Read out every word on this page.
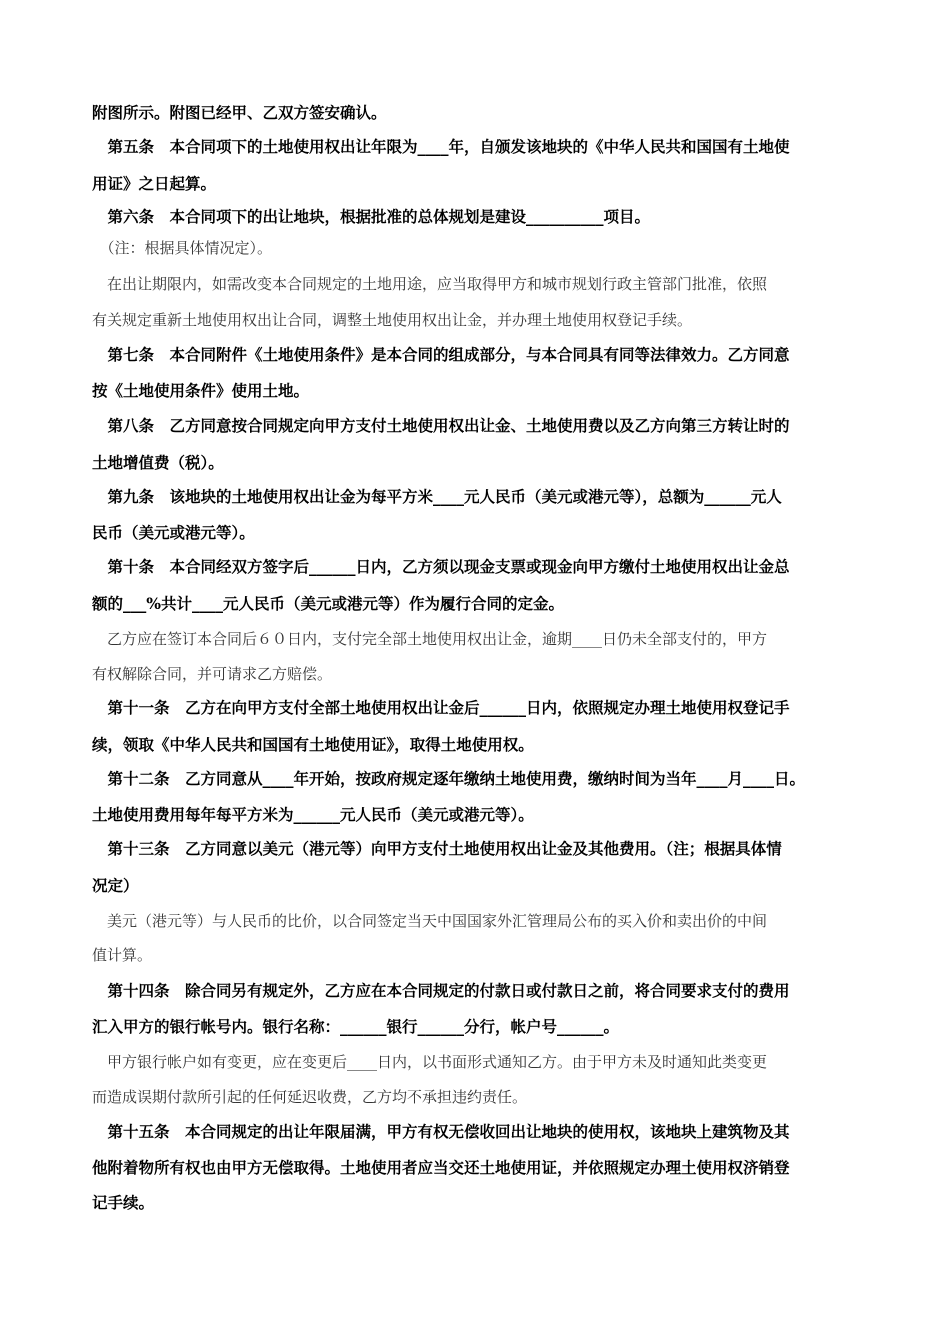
附图所示。附图已经甲、乙双方签安确认。
　第五条　本合同项下的土地使用权出让年限为____年，自颁发该地块的《中华人民共和国国有土地使
用证》之日起算。
　第六条　本合同项下的出让地块，根据批准的总体规划是建设__________项目。
　（注：根据具体情况定）。
　在出让期限内，如需改变本合同规定的土地用途，应当取得甲方和城市规划行政主管部门批准，依照
有关规定重新土地使用权出让合同，调整土地使用权出让金，并办理土地使用权登记手续。
　第七条　本合同附件《土地使用条件》是本合同的组成部分，与本合同具有同等法律效力。乙方同意
按《土地使用条件》使用土地。
　第八条　乙方同意按合同规定向甲方支付土地使用权出让金、土地使用费以及乙方向第三方转让时的
土地增值费（税）。
　第九条　该地块的土地使用权出让金为每平方米____元人民币（美元或港元等），总额为______元人
民币（美元或港元等）。
　第十条　本合同经双方签字后______日内，乙方须以现金支票或现金向甲方缴付土地使用权出让金总
额的___%共计____元人民币（美元或港元等）作为履行合同的定金。
　乙方应在签订本合同后６０日内，支付完全部土地使用权出让金，逾期____日仍未全部支付的，甲方
有权解除合同，并可请求乙方赔偿。
　第十一条　乙方在向甲方支付全部土地使用权出让金后______日内，依照规定办理土地使用权登记手
续，领取《中华人民共和国国有土地使用证》，取得土地使用权。
　第十二条　乙方同意从____年开始，按政府规定逐年缴纳土地使用费，缴纳时间为当年____月____日。
土地使用费用每年每平方米为______元人民币（美元或港元等）。
　第十三条　乙方同意以美元（港元等）向甲方支付土地使用权出让金及其他费用。（注；根据具体情
况定）
　美元（港元等）与人民币的比价，以合同签定当天中国国家外汇管理局公布的买入价和卖出价的中间
值计算。
　第十四条　除合同另有规定外，乙方应在本合同规定的付款日或付款日之前，将合同要求支付的费用
汇入甲方的银行帐号内。银行名称：______银行______分行，帐户号______。
　甲方银行帐户如有变更，应在变更后____日内，以书面形式通知乙方。由于甲方未及时通知此类变更
而造成误期付款所引起的任何延迟收费，乙方均不承担违约责任。
　第十五条　本合同规定的出让年限届满，甲方有权无偿收回出让地块的使用权，该地块上建筑物及其
他附着物所有权也由甲方无偿取得。土地使用者应当交还土地使用证，并依照规定办理土使用权济销登
记手续。
